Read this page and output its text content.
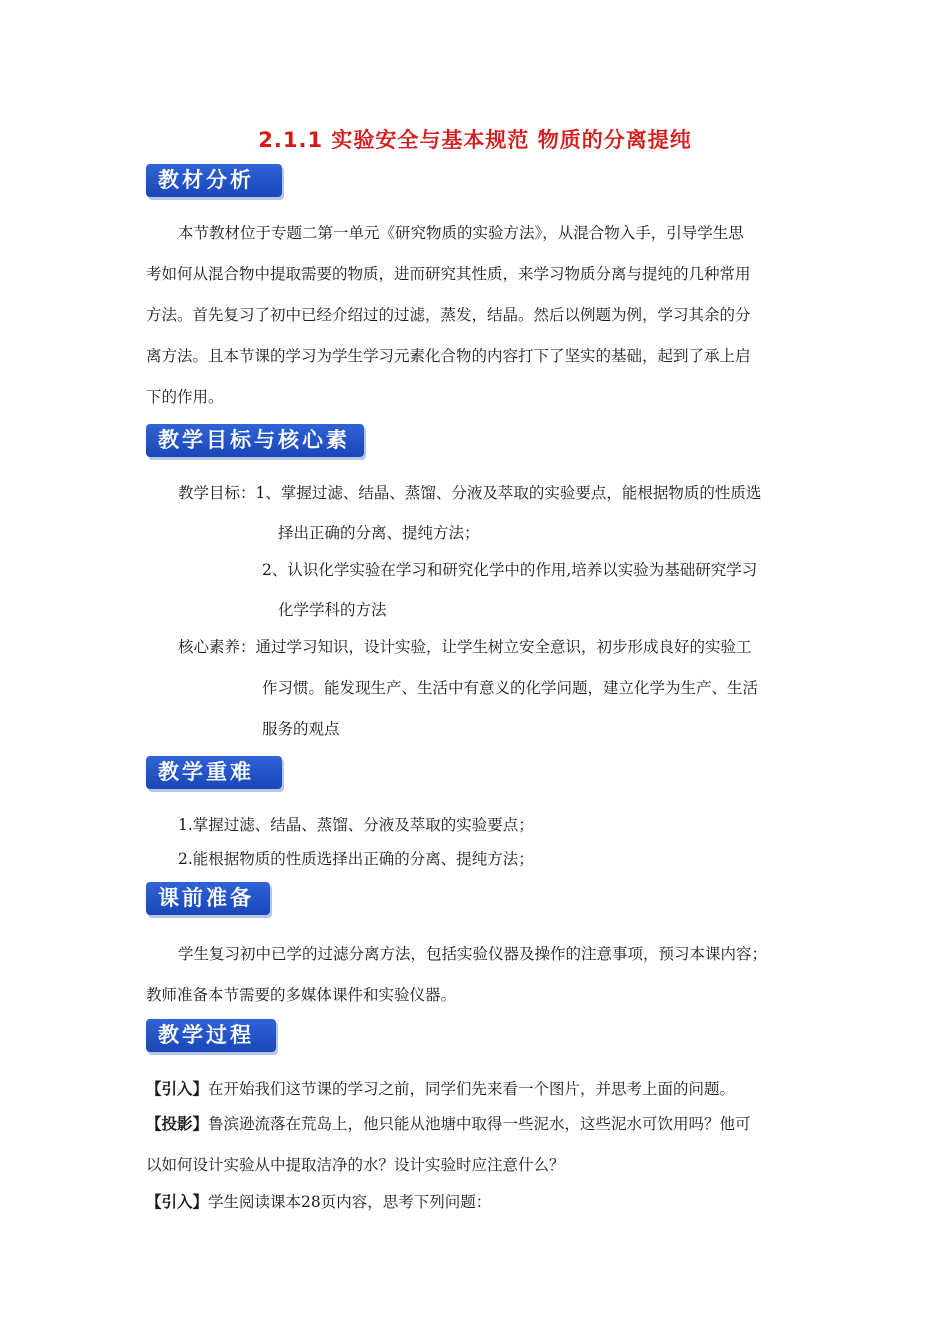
2.1.1 实验安全与基本规范 物质的分离提纯
教材分析
本节教材位于专题二第一单元《研究物质的实验方法》，从混合物入手，引导学生思
考如何从混合物中提取需要的物质，进而研究其性质，来学习物质分离与提纯的几种常用
方法。首先复习了初中已经介绍过的过滤，蒸发，结晶。然后以例题为例，学习其余的分
离方法。且本节课的学习为学生学习元素化合物的内容打下了坚实的基础，起到了承上启
下的作用。
教学目标与核心素养
教学目标：1、掌握过滤、结晶、蒸馏、分液及萃取的实验要点，能根据物质的性质选
择出正确的分离、提纯方法；
2、认识化学实验在学习和研究化学中的作用,培养以实验为基础研究学习
化学学科的方法
核心素养：通过学习知识，设计实验，让学生树立安全意识，初步形成良好的实验工
作习惯。能发现生产、生活中有意义的化学问题，建立化学为生产、生活
服务的观点
教学重难点
1.掌握过滤、结晶、蒸馏、分液及萃取的实验要点；
2.能根据物质的性质选择出正确的分离、提纯方法；
课前准备
学生复习初中已学的过滤分离方法，包括实验仪器及操作的注意事项，预习本课内容；
教师准备本节需要的多媒体课件和实验仪器。
教学过程
【引入】在开始我们这节课的学习之前，同学们先来看一个图片，并思考上面的问题。
【投影】鲁滨逊流落在荒岛上，他只能从池塘中取得一些泥水，这些泥水可饮用吗？他可
以如何设计实验从中提取洁净的水？设计实验时应注意什么？
【引入】学生阅读课本28页内容，思考下列问题：
